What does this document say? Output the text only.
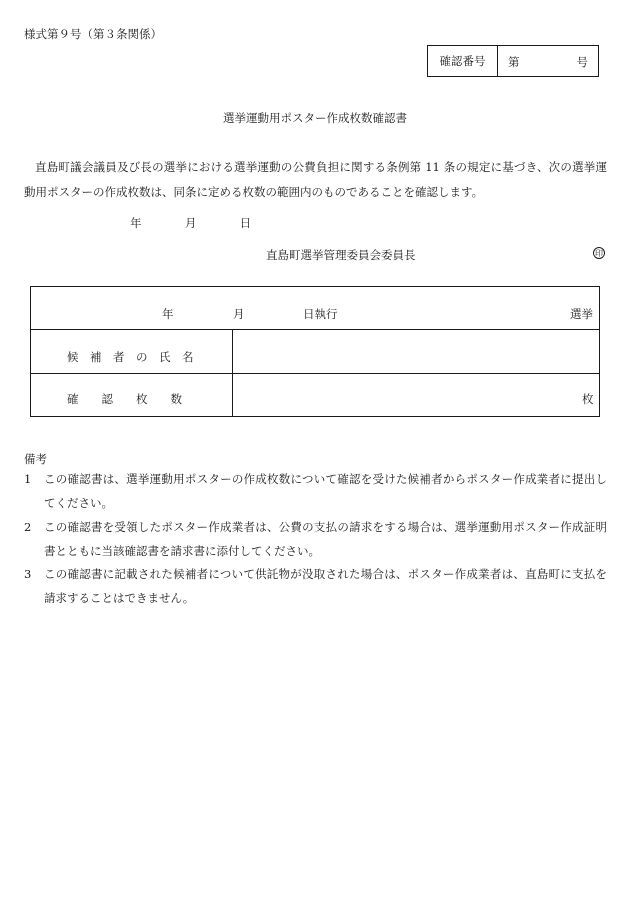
様式第９号（第３条関係）
確認番号	第	号
選挙運動用ポスター作成枚数確認書
直島町議会議員及び長の選挙における選挙運動の公費負担に関する条例第 11 条の規定に基づき、次の選挙運動用ポスターの作成枚数は、同条に定める枚数の範囲内のものであることを確認します。
年	月	日
直島町選挙管理委員会委員長	印
年	月	日執行	選挙
候　補　者　の　氏　名
確　　認　　枚　　数	枚
備考
1 この確認書は、選挙運動用ポスターの作成枚数について確認を受けた候補者からポスター作成業者に提出してください。
2 この確認書を受領したポスター作成業者は、公費の支払の請求をする場合は、選挙運動用ポスター作成証明書とともに当該確認書を請求書に添付してください。
3 この確認書に記載された候補者について供託物が没取された場合は、ポスター作成業者は、直島町に支払を請求することはできません。
